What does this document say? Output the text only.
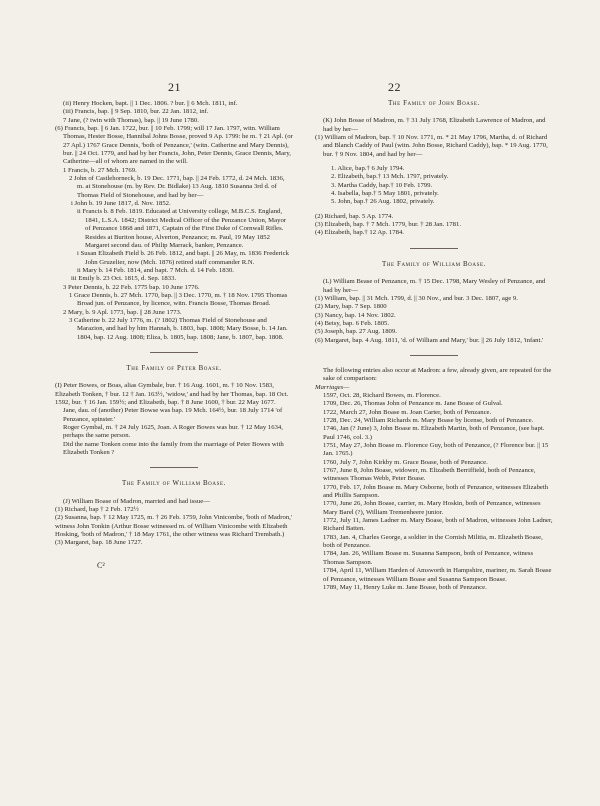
21	22

(ii) Henry Hocken, bapt. || 1 Dec. 1806. ? bur. || 6 Mch. 1811, inf.

(iii) Francis, bap. || 9 Sep. 1810, bur. 22 Jan. 1812, inf.

7 Jane, (? twin with Thomas), bap. || 19 June 1780.

(6) Francis, bap. || 6 Jan. 1722, bur. || 10 Feb. 1799; will 17 Jan. 1797, witn. William Thomas, Hester Bosse, Hannibal Johns Bosse, proved 9 Ap. 1799: he m. † 21 Apl. (or 27 Apl.) 1767 Grace Dennis, 'both of Penzance,' (witn. Catherine and Mary Dennis), bur. || 24 Oct. 1779, and had by her Francis, John, Peter Dennis, Grace Dennis, Mary, Catherine—all of whom are named in the will.

1 Francis, b. 27 Mch. 1769.

2 John of Castlehorneck, b. 19 Dec. 1771, bap. || 24 Feb. 1772, d. 24 Mch. 1836, m. at Stonehouse (m. by Rev. Dr. Bidlake) 13 Aug. 1810 Susanna 3rd d. of Thomas Field of Stonehouse, and had by her—

i John b. 19 June 1817, d. Nov. 1852.

ii Francis b. 8 Feb. 1819. Educated at University college, M.B.C.S. England, 1841, L.S.A. 1842; District Medical Officer of the Penzance Union, Mayor of Penzance 1868 and 1871, Captain of the First Duke of Cornwall Rifles. Resides at Buriton house, Alverton, Penzance; m. Paul, 19 May 1852 Margaret second dau. of Philip Marrack, banker, Penzance.

i Susan Elizabeth Field b. 26 Feb. 1812, and bapt. || 26 May, m. 1836 Frederick John Gruzelier, now (Mch. 1876) retired staff commander R.N.

ii Mary b. 14 Feb. 1814, and bapt. 7 Mch. d. 14 Feb. 1830.

iii Emily b. 23 Oct. 1815, d. Sep. 1833.

3 Peter Dennis, b. 22 Feb. 1775 bap. 10 June 1776.

1 Grace Dennis, b. 27 Mch. 1770, bap. || 3 Dec. 1770, m. † 18 Nov. 1795 Thomas Broad jun. of Penzance, by licence, witn. Francis Bosse, Thomas Broad.

2 Mary, b. 9 Apl. 1773, bap. || 28 June 1773.

3 Catherine b. 22 July 1776, m. (? 1802) Thomas Field of Stonehouse and Marazion, and had by him Hannah, b. 1803, bap. 1808; Mary Bosse, b. 14 Jan. 1804, bap. 12 Aug. 1808; Eliza, b. 1805, bap. 1808; Jane, b. 1807, bap. 1808.

The Family of Peter Boase.

(I) Peter Bowes, or Boas, alias Gymbale, bur. † 16 Aug. 1601, m. † 10 Nov. 1583, Elizabeth Tonken, † bur. 12 † Jan. 163½, 'widow,' and had by her Thomas, bap. 18 Oct. 1592, bur. † 16 Jan. 159½; and Elizabeth, bap. † 8 June 1600, † bur. 22 May 1677.

Jane, dau. of (another) Peter Bowse was bap. 19 Mch. 164½, bur. 18 July 1714 'of Penzance, spinster.'

Roger Gymbal, m. † 24 July 1625, Joan. A Roger Bowes was bur. † 12 May 1634, perhaps the same person.

Did the name Tonken come into the family from the marriage of Peter Bowes with Elizabeth Tonken ?

The Family of William Boase.

(J) William Boase of Madron, married and had issue—

(1) Richard, bap † 2 Feb. 172½

(2) Susanna, bap. † 12 May 1725, m. † 26 Feb. 1759, John Vinicombe, 'both of Madron,' witness John Tonkin (Arthur Bosse witnessed m. of William Vinicombe with Elizabeth Hosking, 'both of Madron,' † 18 May 1761, the other witness was Richard Trembath.)

(3) Margaret, bap. 18 June 1727.

C²

The Family of John Boase.

(K) John Bosse of Madron, m. † 31 July 1768, Elizabeth Lawrence of Madron, and had by her—

(1) William of Madron, bap. † 10 Nov. 1771, m. * 21 May 1796, Martha, d. of Richard and Blanch Caddy of Paul (witn. John Bosse, Richard Caddy), bap. * 19 Aug. 1770, bur. † 9 Nov. 1804, and had by her—

1. Alice, bap.† 6 July 1794.

2. Elizabeth, bap.† 13 Mch. 1797, privately.

3. Martha Caddy, bap.† 10 Feb. 1799.

4. Isabella, bap.† 5 May 1801, privately.

5. John, bap.† 26 Aug. 1802, privately.

(2) Richard, bap. 5 Ap. 1774.

(3) Elizabeth, bap. † 7 Mch. 1779, bur. † 28 Jan. 1781.

(4) Elizabeth, bap.† 12 Ap. 1784.

The Family of William Boase.

(L) William Bease of Penzance, m. † 15 Dec. 1798, Mary Wesley of Penzance, and had by her—

(1) William, bap. || 31 Mch. 1799, d. || 30 Nov., and bur. 3 Dec. 1807, age 9.

(2) Mary, bap. 7 Sep. 1800

(3) Nancy, bap. 14 Nov. 1802.

(4) Betsy, bap. 6 Feb. 1805.

(5) Joseph, bap. 27 Aug. 1809.

(6) Margaret, bap. 4 Aug. 1811, 'd. of William and Mary,' bur. || 26 July 1812, 'infant.'

The following entries also occur at Madron: a few, already given, are repeated for the sake of comparison:

Marriages—

1597, Oct. 28, Richard Bowes, m. Florence.

1709, Dec. 26, Thomas John of Penzance m. Jane Boase of Gulval.

1722, March 27, John Boase m. Joan Carter, both of Penzance.

1728, Dec. 24, William Richards m. Mary Boase by license, both of Penzance.

1746, Jan (? June) 3, John Boase m. Elizabeth Martin, both of Penzance, (see bapt. Paul 1746, col. 3.)

1751, May 27, John Boase m. Florence Guy, both of Penzance, (? Florence bur. || 15 Jan. 1765.)

1760, July 7, John Kirkby m. Grace Boase, both of Penzance.

1767, June 8, John Boase, widower, m. Elizabeth Berriffield, both of Penzance, witnesses Thomas Webb, Peter Boase.

1770, Feb. 17, John Boase m. Mary Osborne, both of Penzance, witnesses Elizabeth and Phillis Sampson.

1770, June 26, John Boase, carrier, m. Mary Hoskin, both of Penzance, witnesses Mary Barel (?), William Tremenheere junior.

1772, July 11, James Ladner m. Mary Boase, both of Madron, witnesses John Ladner, Richard Batten.

1783, Jan. 4, Charles George, a soldier in the Cornish Militia, m. Elizabeth Boase, both of Penzance.

1784, Jan. 26, William Boase m. Susanna Sampson, both of Penzance, witness Thomas Sampson.

1784, April 11, William Harden of Amsworth in Hampshire, mariner, m. Sarah Boase of Penzance, witnesses William Boase and Susanna Sampson Boase.

1789, May 11, Henry Luke m. Jane Boase, both of Penzance.
